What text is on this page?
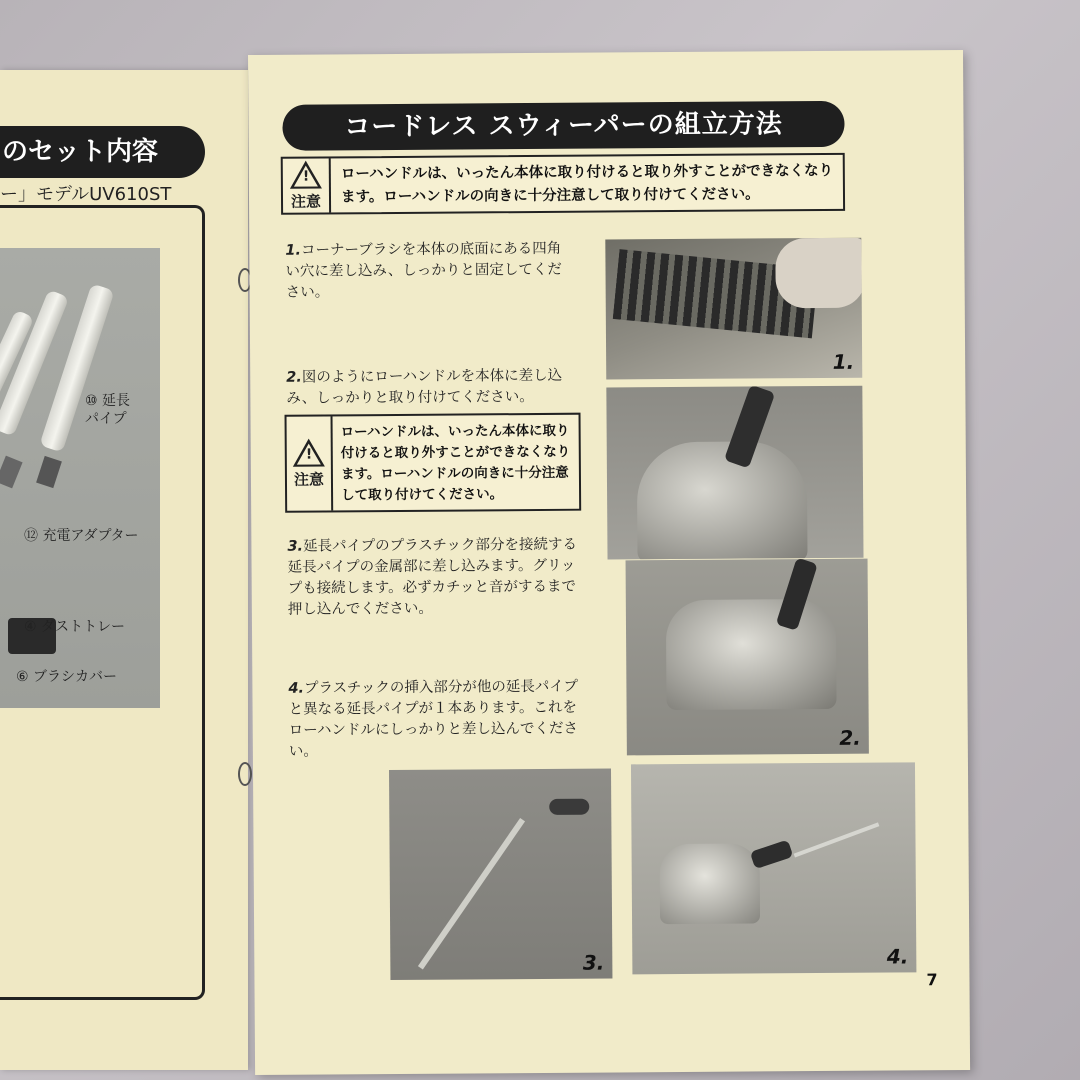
のセット内容
ー」モデルUV610ST
⑩ 延長
パイプ
⑫ 充電アダプター
④ ダストトレー
⑥ ブラシカバー
コードレス スウィーパーの組立方法
!
注意
ローハンドルは、いったん本体に取り付けると取り外すことができなくなります。ローハンドルの向きに十分注意して取り付けてください。
1.コーナーブラシを本体の底面にある四角い穴に差し込み、しっかりと固定してください。
2.図のようにローハンドルを本体に差し込み、しっかりと取り付けてください。
!
注意
ローハンドルは、いったん本体に取り付けると取り外すことができなくなります。ローハンドルの向きに十分注意して取り付けてください。
3.延長パイプのプラスチック部分を接続する延長パイプの金属部に差し込みます。グリップも接続します。必ずカチッと音がするまで押し込んでください。
4.プラスチックの挿入部分が他の延長パイプと異なる延長パイプが１本あります。これをローハンドルにしっかりと差し込んでください。
1.
2.
3.	4.
7
